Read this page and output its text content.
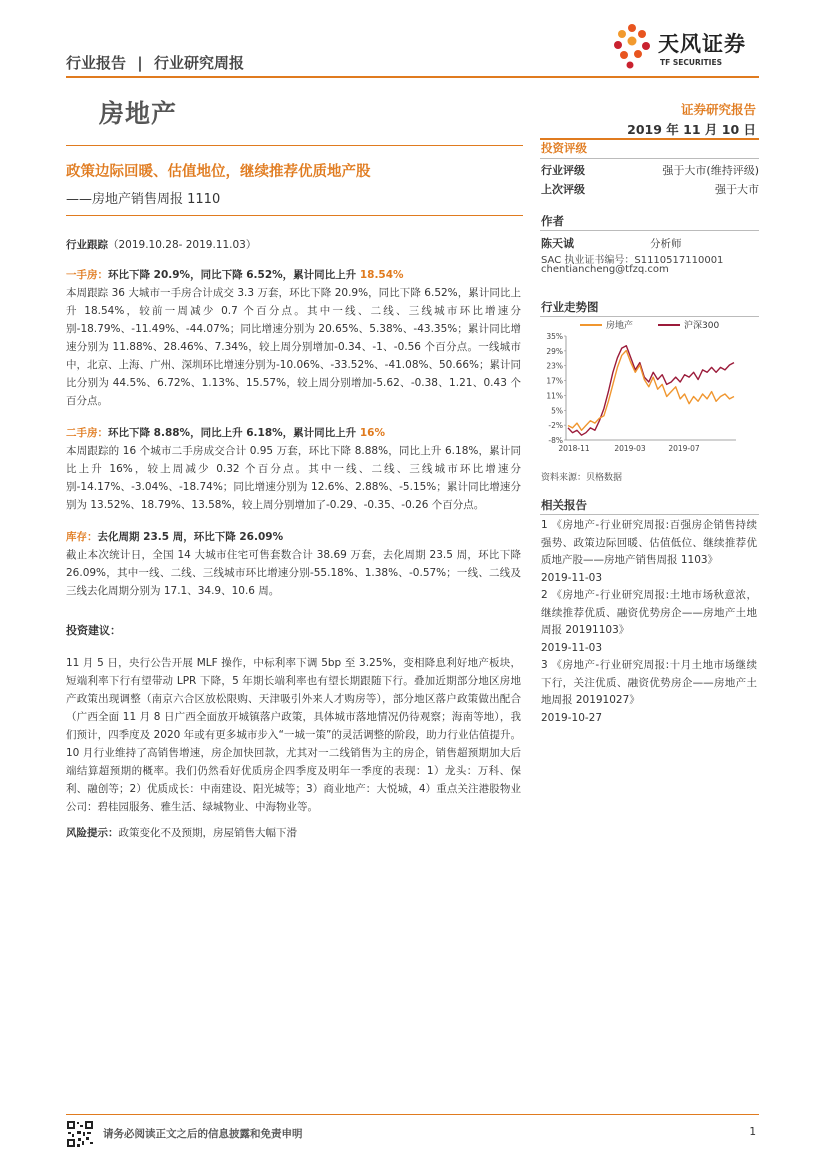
行业报告 | 行业研究周报
天风证券
TF SECURITIES
房地产	证券研究报告
2019 年 11 月 10 日
政策边际回暖、估值地位，继续推荐优质地产股
——房地产销售周报 1110
投资评级
行业评级	强于大市(维持评级)
上次评级	强于大市
作者
陈天诚	分析师
SAC 执业证书编号：S1110517110001
chentiancheng@tfzq.com
行业走势图
房地产	沪深300
35%
29%
23%
17%
11%
5%
-2%
-8%
2018-11	2019-03	2019-07
资料来源：贝格数据
相关报告
1 《房地产-行业研究周报:百强房企销售持续强势、政策边际回暖、估值低位、继续推荐优质地产股——房地产销售周报 1103》
2019-11-03
2 《房地产-行业研究周报:土地市场秋意浓，继续推荐优质、融资优势房企——房地产土地周报 20191103》
2019-11-03
3 《房地产-行业研究周报:十月土地市场继续下行，关注优质、融资优势房企——房地产土地周报 20191027》
2019-10-27
行业跟踪（2019.10.28- 2019.11.03）
一手房：环比下降 20.9%，同比下降 6.52%，累计同比上升 18.54%
本周跟踪 36 大城市一手房合计成交 3.3 万套，环比下降 20.9%，同比下降 6.52%，累计同比上升 18.54%，较前一周减少 0.7 个百分点。其中一线、二线、三线城市环比增速分别-18.79%、-11.49%、-44.07%；同比增速分别为 20.65%、5.38%、-43.35%；累计同比增速分别为 11.88%、28.46%、7.34%，较上周分别增加-0.34、-1、-0.56 个百分点。一线城市中，北京、上海、广州、深圳环比增速分别为-10.06%、-33.52%、-41.08%、50.66%；累计同比分别为 44.5%、6.72%、1.13%、15.57%，较上周分别增加-5.62、-0.38、1.21、0.43 个百分点。
二手房：环比下降 8.88%，同比上升 6.18%，累计同比上升 16%
本周跟踪的 16 个城市二手房成交合计 0.95 万套，环比下降 8.88%，同比上升 6.18%，累计同比上升 16%，较上周减少 0.32 个百分点。其中一线、二线、三线城市环比增速分别-14.17%、-3.04%、-18.74%；同比增速分别为 12.6%、2.88%、-5.15%；累计同比增速分别为 13.52%、18.79%、13.58%，较上周分别增加了-0.29、-0.35、-0.26 个百分点。
库存：去化周期 23.5 周，环比下降 26.09%
截止本次统计日，全国 14 大城市住宅可售套数合计 38.69 万套，去化周期 23.5 周，环比下降 26.09%，其中一线、二线、三线城市环比增速分别-55.18%、1.38%、-0.57%；一线、二线及三线去化周期分别为 17.1、34.9、10.6 周。
投资建议：
11 月 5 日，央行公告开展 MLF 操作，中标利率下调 5bp 至 3.25%，变相降息利好地产板块，短端利率下行有望带动 LPR 下降，5 年期长端利率也有望长期跟随下行。叠加近期部分地区房地产政策出现调整（南京六合区放松限购、天津吸引外来人才购房等），部分地区落户政策做出配合（广西全面 11 月 8 日广西全面放开城镇落户政策，具体城市落地情况仍待观察；海南等地），我们预计，四季度及 2020 年或有更多城市步入“一城一策”的灵活调整的阶段，助力行业估值提升。10 月行业维持了高销售增速，房企加快回款，尤其对一二线销售为主的房企，销售超预期加大后端结算超预期的概率。我们仍然看好优质房企四季度及明年一季度的表现：1）龙头：万科、保利、融创等；2）优质成长：中南建设、阳光城等；3）商业地产：大悦城，4）重点关注港股物业公司：碧桂园服务、雅生活、绿城物业、中海物业等。
风险提示：政策变化不及预期，房屋销售大幅下滑
请务必阅读正文之后的信息披露和免责申明	1
